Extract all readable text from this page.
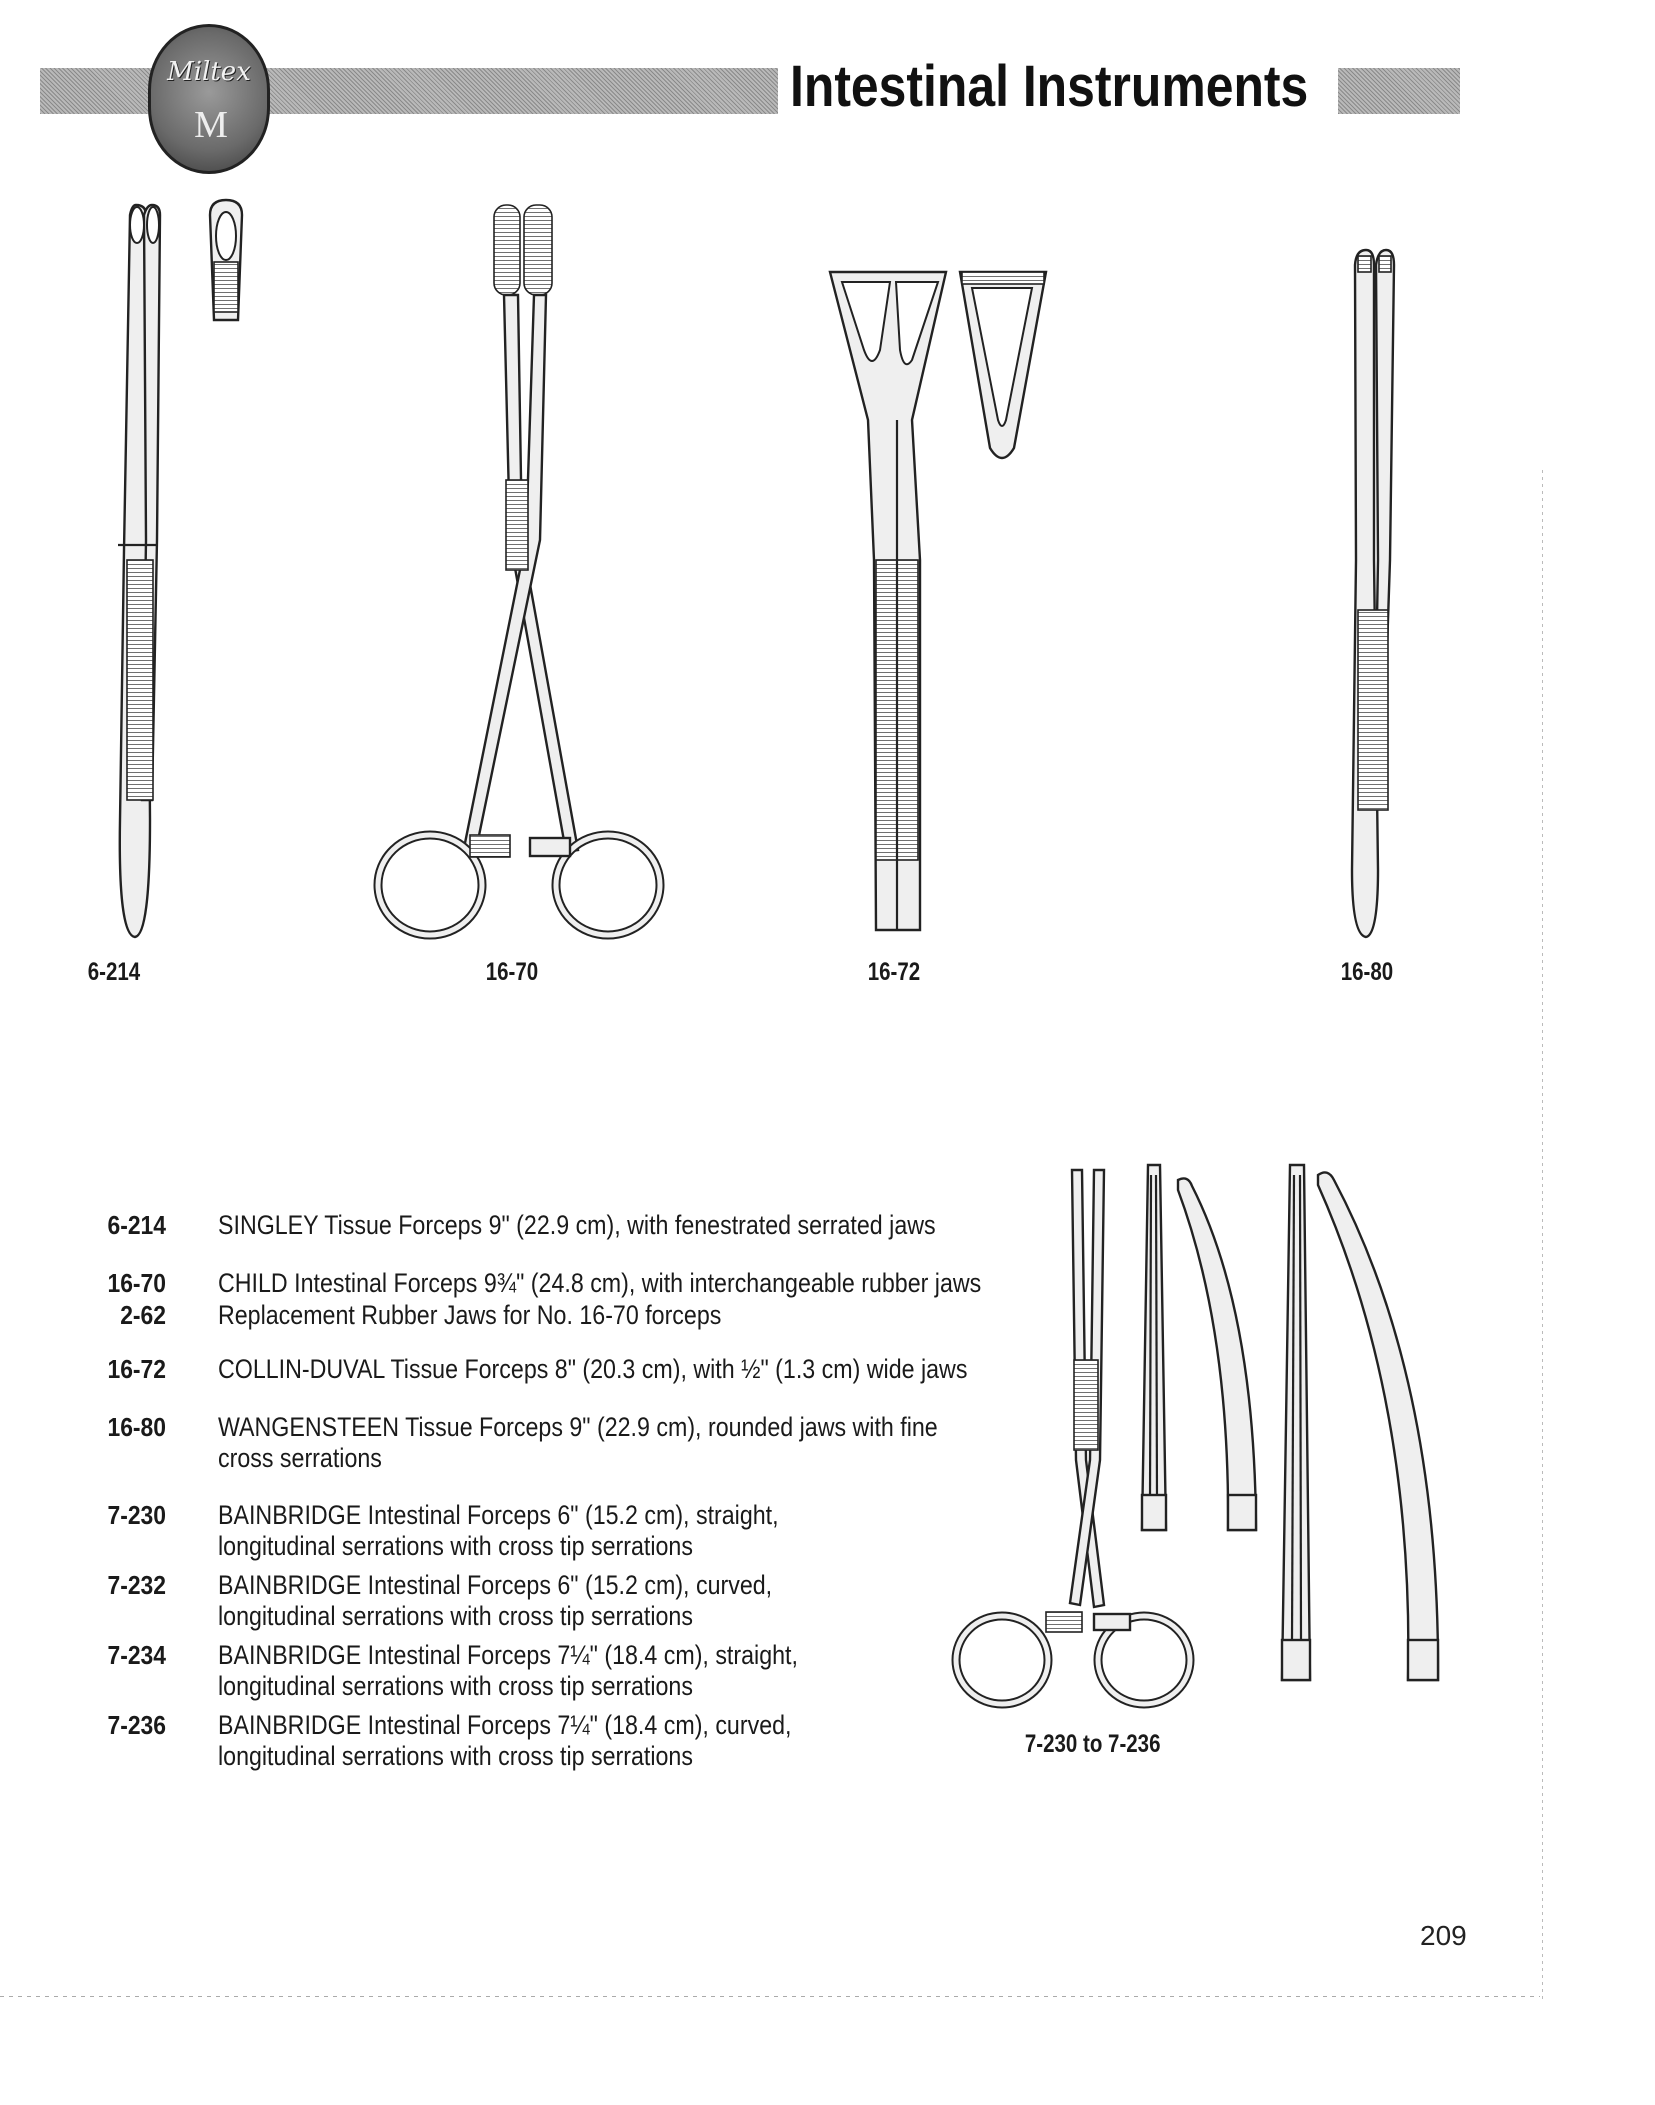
Intestinal Instruments
Miltex
M
6-214	16-70	16-72	16-80
7-230 to 7-236
6-214 SINGLEY Tissue Forceps 9" (22.9 cm), with fenestrated serrated jaws
16-70 CHILD Intestinal Forceps 9¾" (24.8 cm), with interchangeable rubber jaws
2-62 Replacement Rubber Jaws for No. 16-70 forceps
16-72 COLLIN-DUVAL Tissue Forceps 8" (20.3 cm), with ½" (1.3 cm) wide jaws
16-80 WANGENSTEEN Tissue Forceps 9" (22.9 cm), rounded jaws with fine
cross serrations
7-230 BAINBRIDGE Intestinal Forceps 6" (15.2 cm), straight,
longitudinal serrations with cross tip serrations
7-232 BAINBRIDGE Intestinal Forceps 6" (15.2 cm), curved,
longitudinal serrations with cross tip serrations
7-234 BAINBRIDGE Intestinal Forceps 7¼" (18.4 cm), straight,
longitudinal serrations with cross tip serrations
7-236 BAINBRIDGE Intestinal Forceps 7¼" (18.4 cm), curved,
longitudinal serrations with cross tip serrations
209
